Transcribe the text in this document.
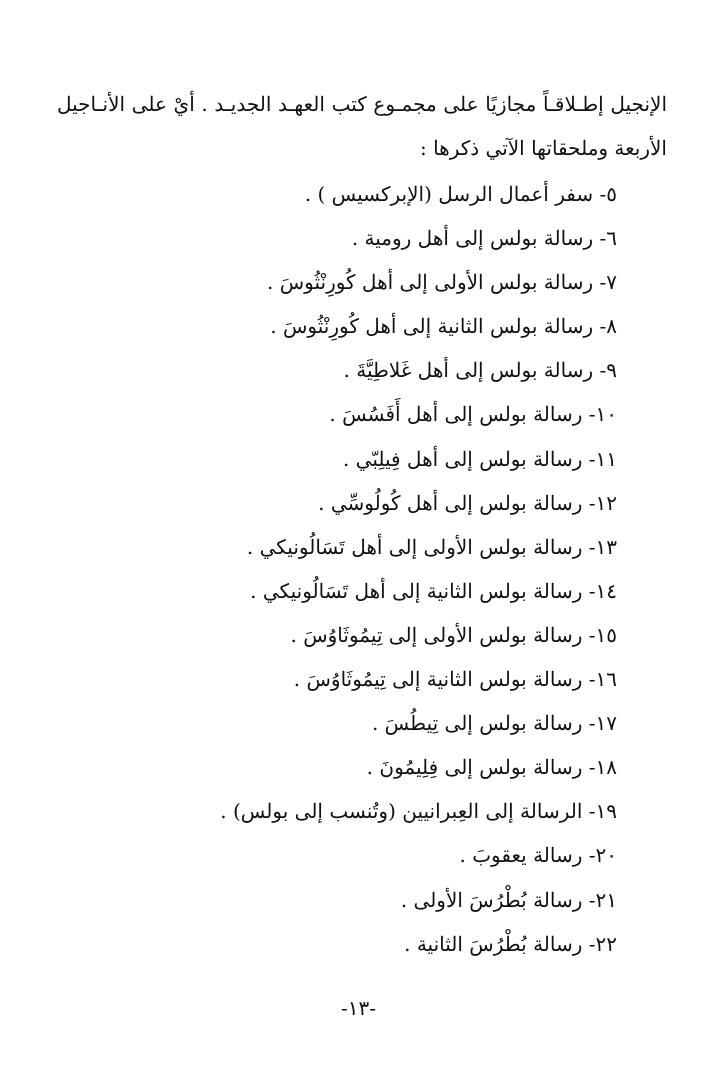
الإنجيل إطـلاقـاً مجازيًا على مجمـوع كتب العهـد الجديـد . أيْ على الأنـاجيل
الأربعة وملحقاتها الآتي ذكرها :
٥- سفر أعمال الرسل (الإبركسيس ) .
٦- رسالة بولس إلى أهل رومية .
٧- رسالة بولس الأولى إلى أهل كُورِنْثُوسَ .
٨- رسالة بولس الثانية إلى أهل كُورِنْثُوسَ .
٩- رسالة بولس إلى أهل غَلاطِيَّةَ .
١٠- رسالة بولس إلى أهل أَفَسُسَ .
١١- رسالة بولس إلى أهل فِيلِبّي .
١٢- رسالة بولس إلى أهل كُولُوسِّي .
١٣- رسالة بولس الأولى إلى أهل تَسَالُونيكي .
١٤- رسالة بولس الثانية إلى أهل تَسَالُونيكي .
١٥- رسالة بولس الأولى إلى تِيمُوثَاوُسَ .
١٦- رسالة بولس الثانية إلى تِيمُوثَاوُسَ .
١٧- رسالة بولس إلى تِيطُسَ .
١٨- رسالة بولس إلى فِلِيمُونَ .
١٩- الرسالة إلى العِبرانيين (وتُنسب إلى بولس) .
٢٠- رسالة يعقوبَ .
٢١- رسالة بُطْرُسَ الأولى .
٢٢- رسالة بُطْرُسَ الثانية .
-١٣-
